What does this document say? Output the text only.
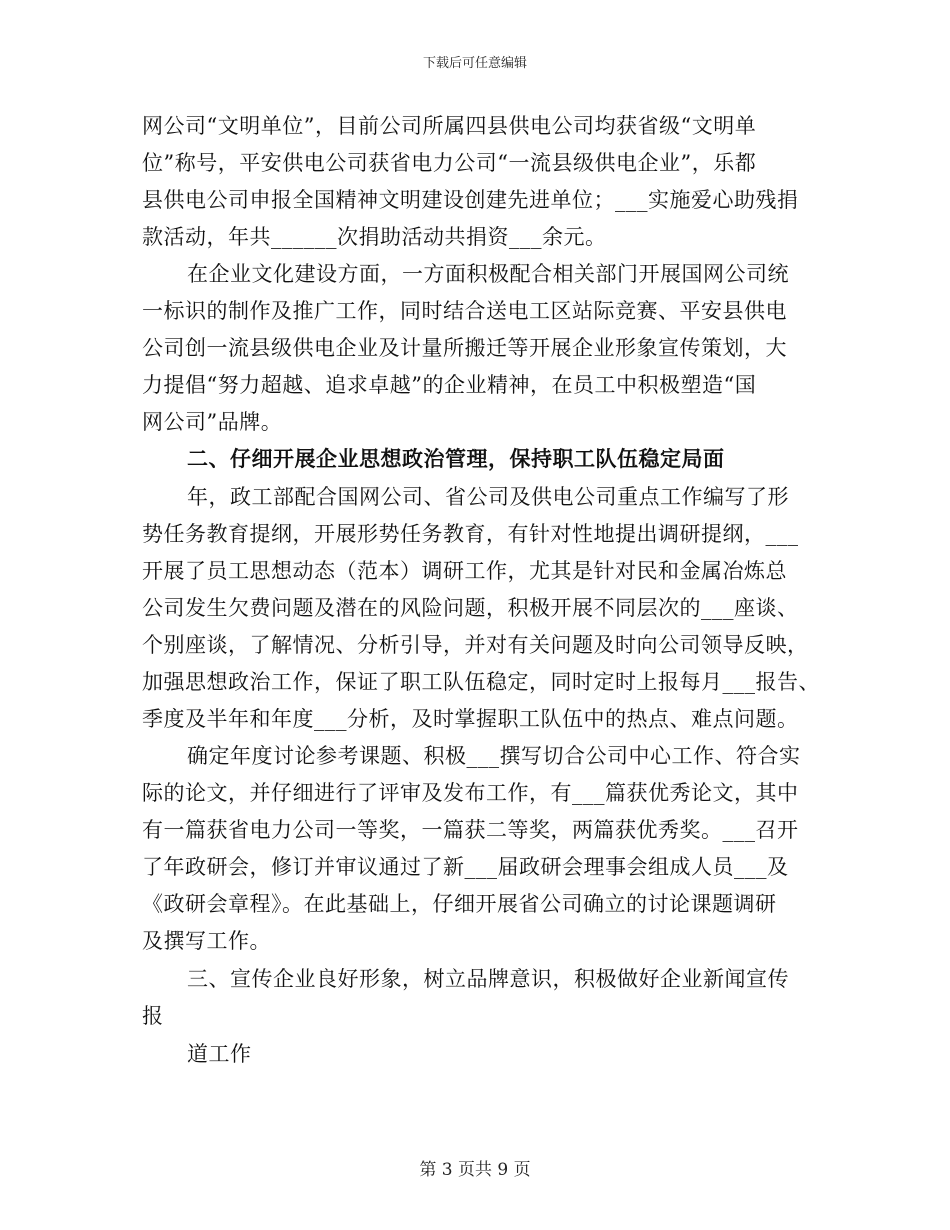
下载后可任意编辑
网公司“文明单位”，目前公司所属四县供电公司均获省级“文明单
位”称号，平安供电公司获省电力公司“一流县级供电企业”，乐都
县供电公司申报全国精神文明建设创建先进单位；___实施爱心助残捐
款活动，年共______次捐助活动共捐资___余元。
在企业文化建设方面，一方面积极配合相关部门开展国网公司统
一标识的制作及推广工作，同时结合送电工区站际竞赛、平安县供电
公司创一流县级供电企业及计量所搬迁等开展企业形象宣传策划，大
力提倡“努力超越、追求卓越”的企业精神，在员工中积极塑造“国
网公司”品牌。
二、仔细开展企业思想政治管理，保持职工队伍稳定局面
年，政工部配合国网公司、省公司及供电公司重点工作编写了形
势任务教育提纲，开展形势任务教育，有针对性地提出调研提纲，___
开展了员工思想动态（范本）调研工作，尤其是针对民和金属冶炼总
公司发生欠费问题及潜在的风险问题，积极开展不同层次的___座谈、
个别座谈，了解情况、分析引导，并对有关问题及时向公司领导反映，
加强思想政治工作，保证了职工队伍稳定，同时定时上报每月___报告、
季度及半年和年度___分析，及时掌握职工队伍中的热点、难点问题。
确定年度讨论参考课题、积极___撰写切合公司中心工作、符合实
际的论文，并仔细进行了评审及发布工作，有___篇获优秀论文，其中
有一篇获省电力公司一等奖，一篇获二等奖，两篇获优秀奖。___召开
了年政研会，修订并审议通过了新___届政研会理事会组成人员___及
《政研会章程》。在此基础上，仔细开展省公司确立的讨论课题调研
及撰写工作。
三、宣传企业良好形象，树立品牌意识，积极做好企业新闻宣传
报
道工作
第 3 页共 9 页
